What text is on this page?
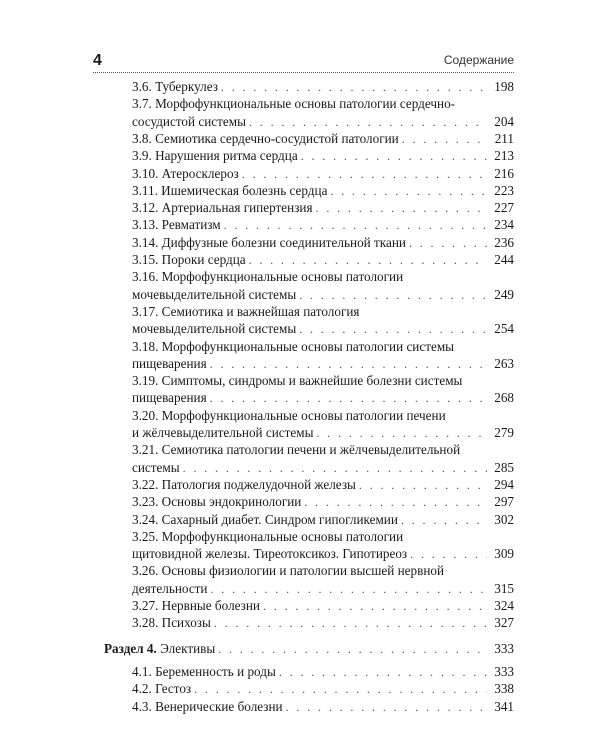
4	Содержание
3.6. Туберкулез . . .	198
3.7. Морфофункциональные основы патологии сердечно-
сосудистой системы . . .	204
3.8. Семиотика сердечно-сосудистой патологии . . .	211
3.9. Нарушения ритма сердца . . .	213
3.10. Атеросклероз . . .	216
3.11. Ишемическая болезнь сердца . . .	223
3.12. Артериальная гипертензия . . .	227
3.13. Ревматизм . . .	234
3.14. Диффузные болезни соединительной ткани . . .	236
3.15. Пороки сердца . . .	244
3.16. Морфофункциональные основы патологии
мочевыделительной системы . . .	249
3.17. Семиотика и важнейшая патология
мочевыделительной системы . . .	254
3.18. Морфофункциональные основы патологии системы
пищеварения . . .	263
3.19. Симптомы, синдромы и важнейшие болезни системы
пищеварения . . .	268
3.20. Морфофункциональные основы патологии печени
и жёлчевыделительной системы . . .	279
3.21. Семиотика патологии печени и жёлчевыделительной
системы . . .	285
3.22. Патология поджелудочной железы . . .	294
3.23. Основы эндокринологии . . .	297
3.24. Сахарный диабет. Синдром гипогликемии . . .	302
3.25. Морфофункциональные основы патологии
щитовидной железы. Тиреотоксикоз. Гипотиреоз . . .	309
3.26. Основы физиологии и патологии высшей нервной
деятельности . . .	315
3.27. Нервные болезни . . .	324
3.28. Психозы . . .	327
Раздел 4. Элективы . . .	333
4.1. Беременность и роды . . .	333
4.2. Гестоз . . .	338
4.3. Венерические болезни . . .	341
